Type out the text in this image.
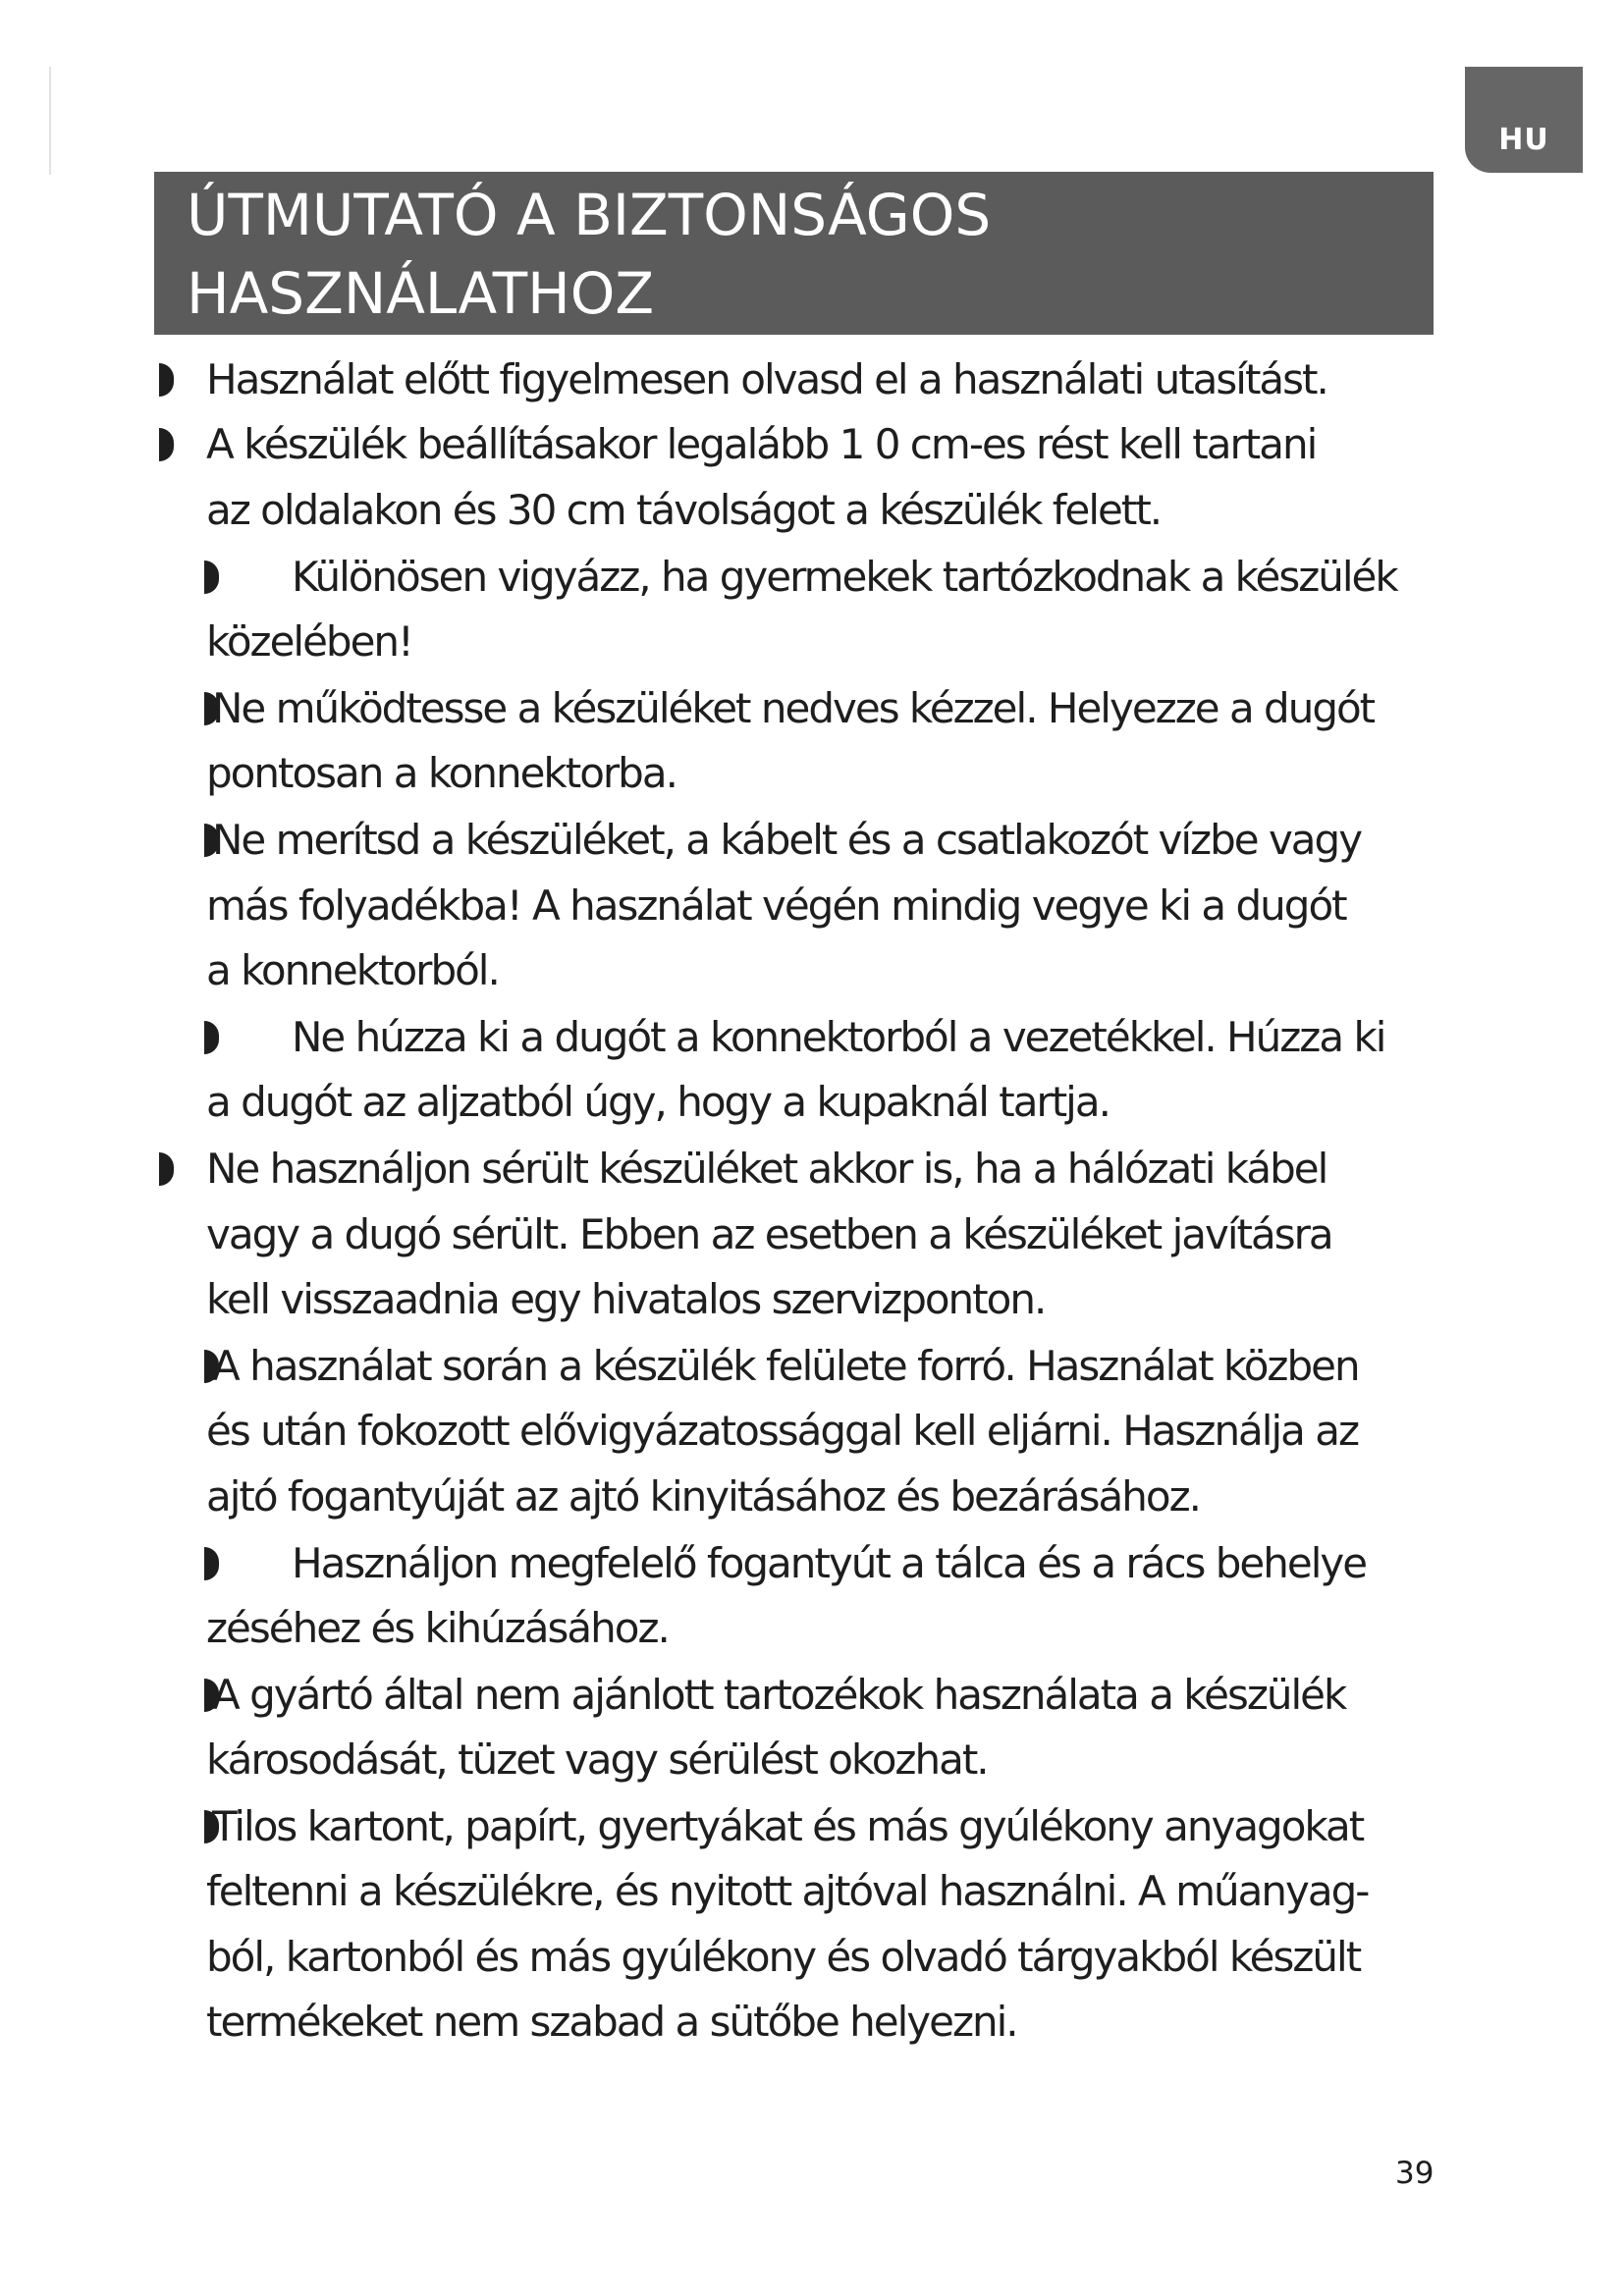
HU
ÚTMUTATÓ A BIZTONSÁGOS
HASZNÁLATHOZ
Használat előtt figyelmesen olvasd el a használati utasítást.
A készülék beállításakor legalább 1 0 cm-es rést kell tartani
az oldalakon és 30 cm távolságot a készülék felett.
Különösen vigyázz, ha gyermekek tartózkodnak a készülék
közelében!
Ne működtesse a készüléket nedves kézzel. Helyezze a dugót
pontosan a konnektorba.
Ne merítsd a készüléket, a kábelt és a csatlakozót vízbe vagy
más folyadékba! A használat végén mindig vegye ki a dugót
a konnektorból.
Ne húzza ki a dugót a konnektorból a vezetékkel. Húzza ki
a dugót az aljzatból úgy, hogy a kupaknál tartja.
Ne használjon sérült készüléket akkor is, ha a hálózati kábel
vagy a dugó sérült. Ebben az esetben a készüléket javításra
kell visszaadnia egy hivatalos szervizponton.
A használat során a készülék felülete forró. Használat közben
és után fokozott elővigyázatossággal kell eljárni. Használja az
ajtó fogantyúját az ajtó kinyitásához és bezárásához.
Használjon megfelelő fogantyút a tálca és a rács behelye
zéséhez és kihúzásához.
A gyártó által nem ajánlott tartozékok használata a készülék
károsodását, tüzet vagy sérülést okozhat.
Tilos kartont, papírt, gyertyákat és más gyúlékony anyagokat
feltenni a készülékre, és nyitott ajtóval használni. A műanyag-
ból, kartonból és más gyúlékony és olvadó tárgyakból készült
termékeket nem szabad a sütőbe helyezni.
39
